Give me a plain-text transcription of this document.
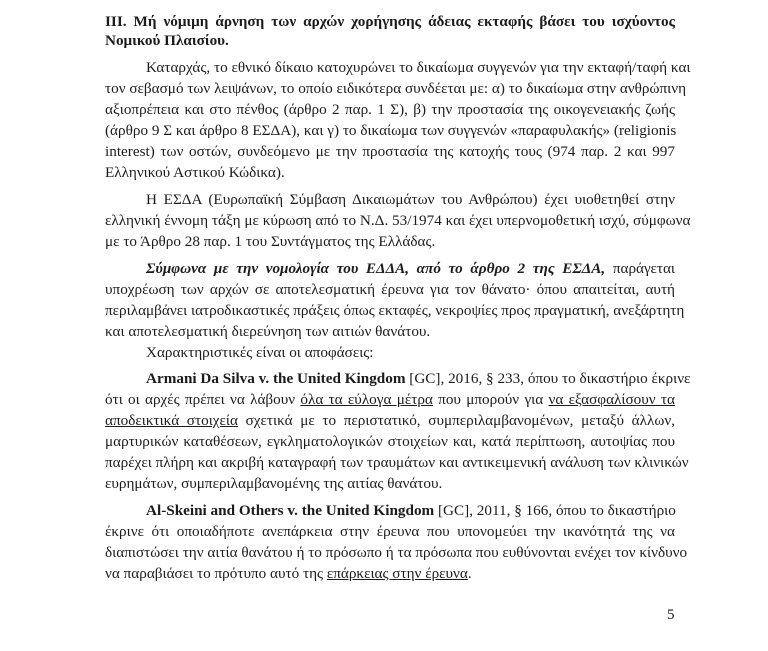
III. Μή νόμιμη άρνηση των αρχών χορήγησης άδειας εκταφής βάσει του ισχύοντος
Νομικού Πλαισίου.
Καταρχάς, το εθνικό δίκαιο κατοχυρώνει το δικαίωμα συγγενών για την εκταφή/ταφή και
τον σεβασμό των λειψάνων, το οποίο ειδικότερα συνδέεται με: α) το δικαίωμα στην ανθρώπινη
αξιοπρέπεια και στο πένθος (άρθρο 2 παρ. 1 Σ), β) την προστασία της οικογενειακής ζωής
(άρθρο 9 Σ και άρθρο 8 ΕΣΔΑ), και γ) το δικαίωμα των συγγενών «παραφυλακής» (religionis
interest) των οστών, συνδεόμενο με την προστασία της κατοχής τους (974 παρ. 2 και 997
Ελληνικού Αστικού Κώδικα).
Η ΕΣΔΑ (Ευρωπαϊκή Σύμβαση Δικαιωμάτων του Ανθρώπου) έχει υιοθετηθεί στην
ελληνική έννομη τάξη με κύρωση από το Ν.Δ. 53/1974 και έχει υπερνομοθετική ισχύ, σύμφωνα
με το Άρθρο 28 παρ. 1 του Συντάγματος της Ελλάδας.
Σύμφωνα με την νομολογία του ΕΔΔΑ, από το άρθρο 2 της ΕΣΔΑ, παράγεται
υποχρέωση των αρχών σε αποτελεσματική έρευνα για τον θάνατο· όπου απαιτείται, αυτή
περιλαμβάνει ιατροδικαστικές πράξεις όπως εκταφές, νεκροψίες προς πραγματική, ανεξάρτητη
και αποτελεσματική διερεύνηση των αιτιών θανάτου.
Χαρακτηριστικές είναι οι αποφάσεις:
Armani Da Silva v. the United Kingdom [GC], 2016, § 233, όπου το δικαστήριο έκρινε
ότι οι αρχές πρέπει να λάβουν όλα τα εύλογα μέτρα που μπορούν για να εξασφαλίσουν τα
αποδεικτικά στοιχεία σχετικά με το περιστατικό, συμπεριλαμβανομένων, μεταξύ άλλων,
μαρτυρικών καταθέσεων, εγκληματολογικών στοιχείων και, κατά περίπτωση, αυτοψίας που
παρέχει πλήρη και ακριβή καταγραφή των τραυμάτων και αντικειμενική ανάλυση των κλινικών
ευρημάτων, συμπεριλαμβανομένης της αιτίας θανάτου.
Al-Skeini and Others v. the United Kingdom [GC], 2011, § 166, όπου το δικαστήριο
έκρινε ότι οποιαδήποτε ανεπάρκεια στην έρευνα που υπονομεύει την ικανότητά της να
διαπιστώσει την αιτία θανάτου ή το πρόσωπο ή τα πρόσωπα που ευθύνονται ενέχει τον κίνδυνο
να παραβιάσει το πρότυπο αυτό της επάρκειας στην έρευνα.
5
